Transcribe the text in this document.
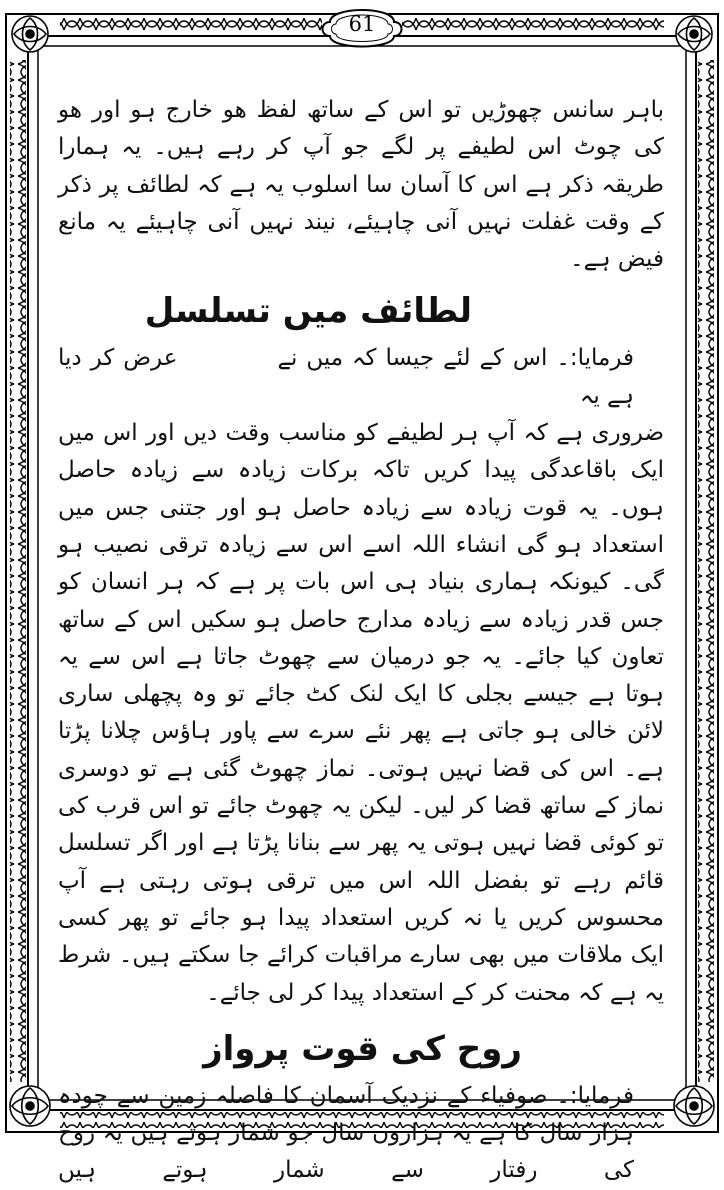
61

باہر سانس چھوڑیں تو اس کے ساتھ لفظ ھو خارج ہو اور ھو کی چوٹ اس لطیفے پر لگے جو آپ کر رہے ہیں۔ یہ ہمارا طریقہ ذکر ہے اس کا آسان سا اسلوب یہ ہے کہ لطائف پر ذکر کے وقت غفلت نہیں آنی چاہیئے، نیند نہیں آنی چاہیئے یہ مانع فیض ہے۔

لطائف میں تسلسل

فرمایا:۔ اس کے لئے جیسا کہ میں نےعرض کر دیا ہے یہ

ضروری ہے کہ آپ ہر لطیفے کو مناسب وقت دیں اور اس میں ایک باقاعدگی پیدا کریں تاکہ برکات زیادہ سے زیادہ حاصل ہوں۔ یہ قوت زیادہ سے زیادہ حاصل ہو اور جتنی جس میں استعداد ہو گی انشاء اللہ اسے اس سے زیادہ ترقی نصیب ہو گی۔ کیونکہ ہماری بنیاد ہی اس بات پر ہے کہ ہر انسان کو جس قدر زیادہ سے زیادہ مدارج حاصل ہو سکیں اس کے ساتھ تعاون کیا جائے۔ یہ جو درمیان سے چھوٹ جاتا ہے اس سے یہ ہوتا ہے جیسے بجلی کا ایک لنک کٹ جائے تو وہ پچھلی ساری لائن خالی ہو جاتی ہے پھر نئے سرے سے پاور ہاؤس چلانا پڑتا ہے۔ اس کی قضا نہیں ہوتی۔ نماز چھوٹ گئی ہے تو دوسری نماز کے ساتھ قضا کر لیں۔ لیکن یہ چھوٹ جائے تو اس قرب کی تو کوئی قضا نہیں ہوتی یہ پھر سے بنانا پڑتا ہے اور اگر تسلسل قائم رہے تو بفضل اللہ اس میں ترقی ہوتی رہتی ہے آپ محسوس کریں یا نہ کریں استعداد پیدا ہو جائے تو پھر کسی ایک ملاقات میں بھی سارے مراقبات کرائے جا سکتے ہیں۔ شرط یہ ہے کہ محنت کر کے استعداد پیدا کر لی جائے۔

روح کی قوت پرواز

فرمایا:۔ صوفیاء کے نزدیک آسمان کا فاصلہ زمین سے چودہ ہزار سال کا ہے یہ ہزاروں سال جو شمار ہوتے ہیں یہ روح کی رفتار سے شمار ہوتے ہیں
